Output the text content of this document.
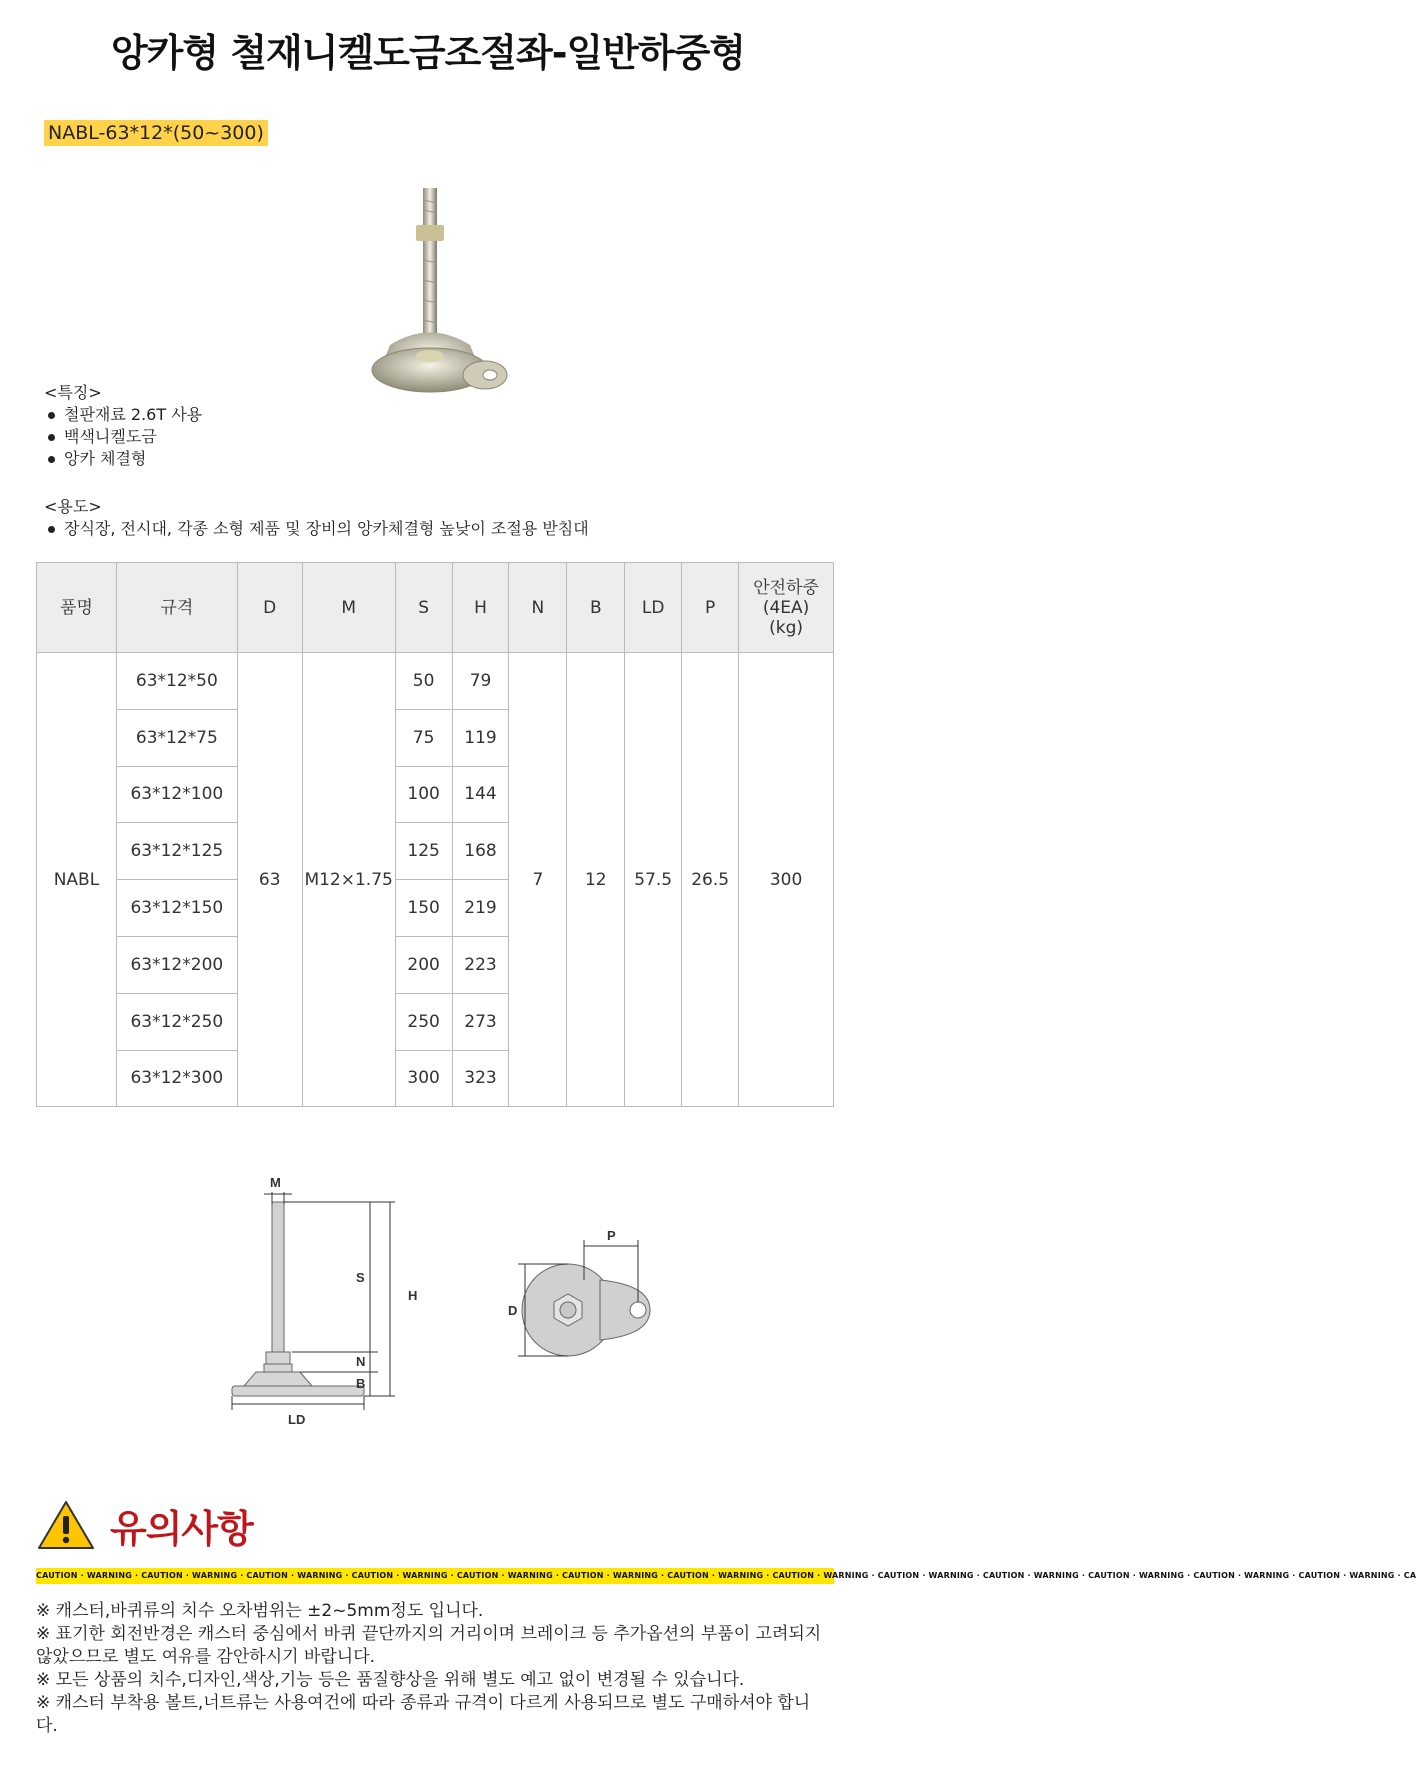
앙카형 철재니켈도금조절좌-일반하중형
NABL-63*12*(50~300)
<특징>
철판재료 2.6T 사용
백색니켈도금
앙카 체결형
<용도>
장식장, 전시대, 각종 소형 제품 및 장비의 앙카체결형 높낮이 조절용 받침대
품명	규격	D	M	S	H	N	B	LD	P	안전하중
(4EA)
(kg)
NABL	63*12*50	63	M12×1.75	50	79	7	12	57.5	26.5	300
	63*12*75			75	119					
	63*12*100			100	144					
	63*12*125			125	168					
	63*12*150			150	219					
	63*12*200			200	223					
	63*12*250			250	273					
	63*12*300			300	323					
M
S
H
N
B
LD
P
D
유의사항
CAUTION · WARNING · CAUTION · WARNING · CAUTION · WARNING · CAUTION · WARNING · CAUTION · WARNING · CAUTION · WARNING · CAUTION · WARNING · CAUTION · WARNING · CAUTION · WARNING · CAUTION · WARNING · CAUTION · WARNING · CAUTION · WARNING · CAUTION · WARNING · CA
※ 캐스터,바퀴류의 치수 오차범위는 ±2~5mm정도 입니다.
※ 표기한 회전반경은 캐스터 중심에서 바퀴 끝단까지의 거리이며 브레이크 등 추가옵션의 부품이 고려되지 않았으므로 별도 여유를 감안하시기 바랍니다.
※ 모든 상품의 치수,디자인,색상,기능 등은 품질향상을 위해 별도 예고 없이 변경될 수 있습니다.
※ 캐스터 부착용 볼트,너트류는 사용여건에 따라 종류과 규격이 다르게 사용되므로 별도 구매하셔야 합니다.
